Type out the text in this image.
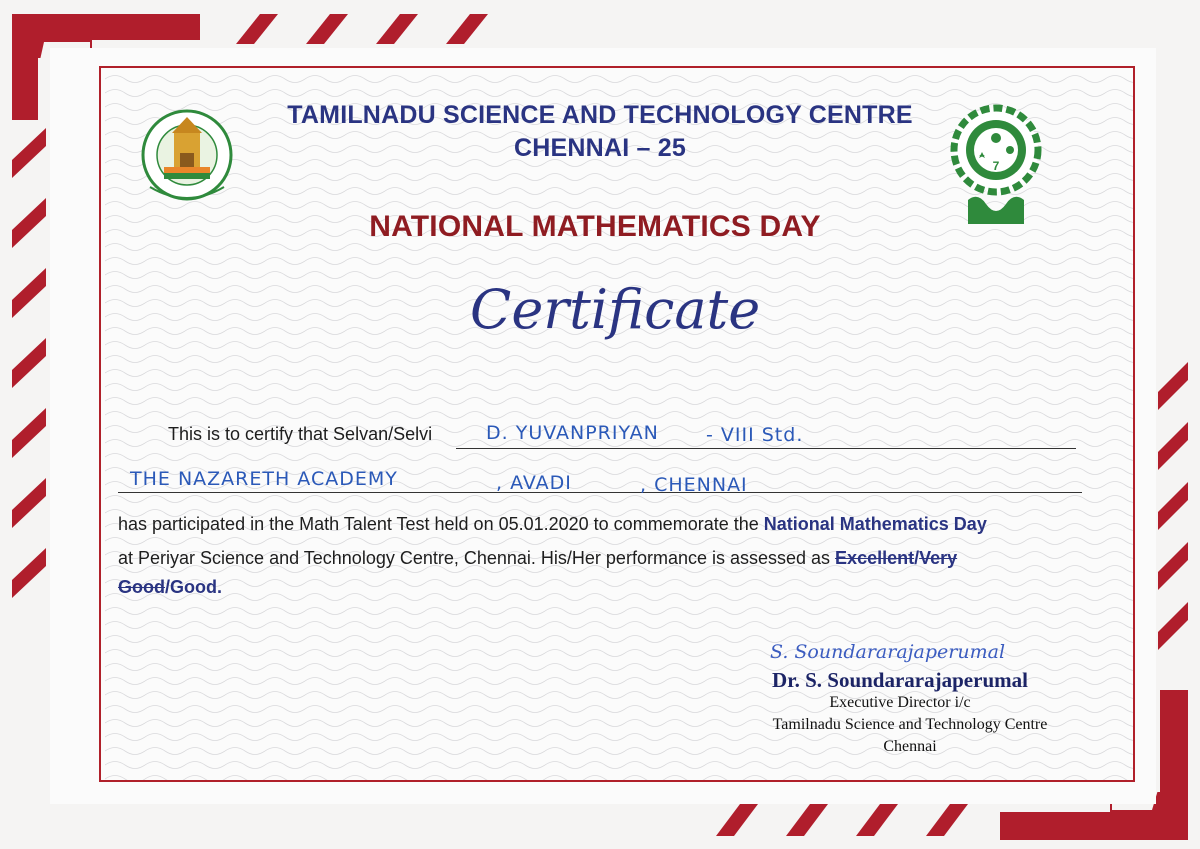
7
TAMILNADU SCIENCE AND TECHNOLOGY CENTRE
CHENNAI – 25
NATIONAL MATHEMATICS DAY
Certificate
This is to certify that Selvan/Selvi	D. YUVANPRIYAN - VIII Std.
THE NAZARETH ACADEMY	, AVADI	, CHENNAI
has participated in the Math Talent Test held on 05.01.2020 to commemorate the National Mathematics Day
at Periyar Science and Technology Centre, Chennai. His/Her performance is assessed as Excellent/Very
Good/Good.
S. Soundararajaperumal
Dr. S. Soundararajaperumal
Executive Director i/c
Tamilnadu Science and Technology Centre
Chennai
